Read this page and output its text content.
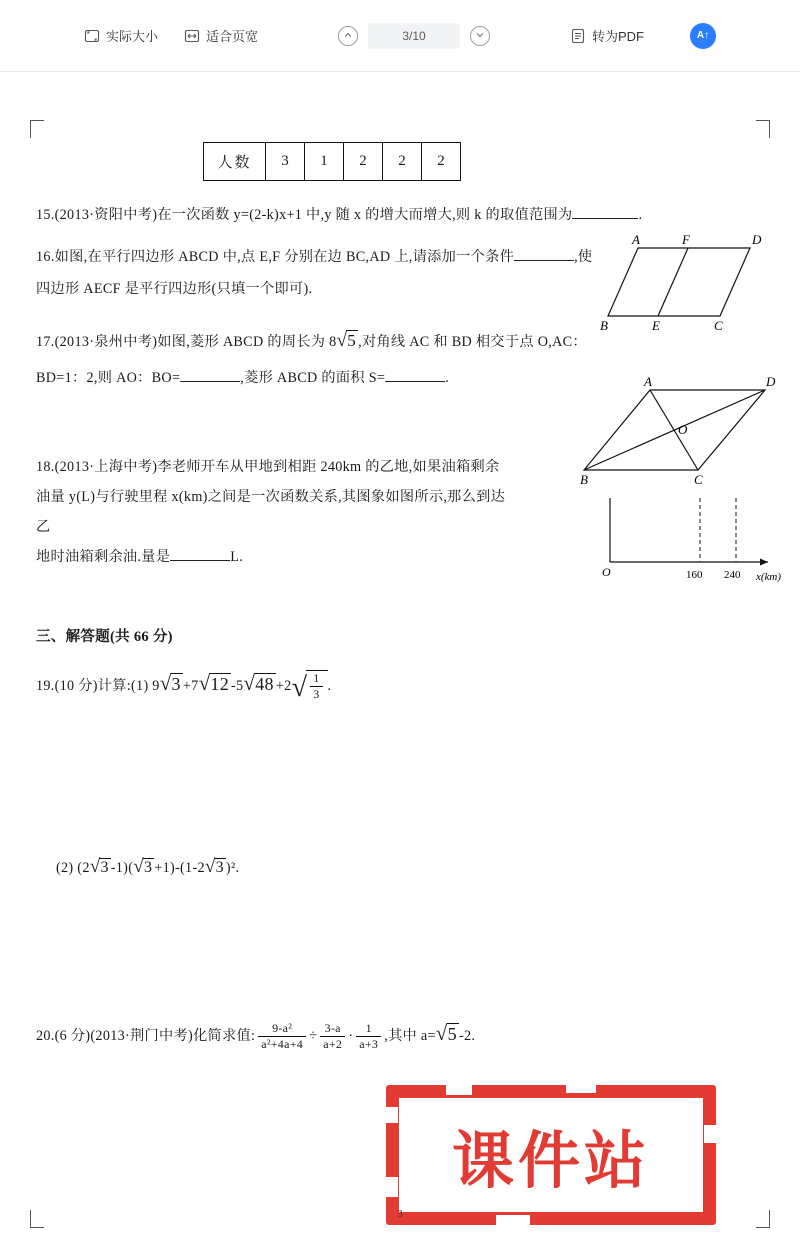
实际大小	适合页宽	3/10	转为PDF	A↑
人数	3	1	2	2	2
15.(2013·资阳中考)在一次函数 y=(2-k)x+1 中,y 随 x 的增大而增大,则 k 的取值范围为	.
16.如图,在平行四边形 ABCD 中,点 E,F 分别在边 BC,AD 上,请添加一个条件	,使
四边形 AECF 是平行四边形(只填一个即可).
A	F	D
B	E	C
17.(2013·泉州中考)如图,菱形 ABCD 的周长为 8√5 ,对角线 AC 和 BD 相交于点 O,AC：
BD=1：2,则 AO：BO=	,菱形 ABCD 的面积 S=	.	A	D
O
B	C
18.(2013·上海中考)李老师开车从甲地到相距 240km 的乙地,如果油箱剩余
油量 y(L)与行驶里程 x(km)之间是一次函数关系,其图象如图所示,那么到达
乙
地时油箱剩余油.量是	L.
O	160 240 x(km)
三、解答题(共 66 分)
19.(10 分)计算:(1) 9√3 +7√12 $-5√48 +2√ \frac{1}{3}$ .
(2) (2√3 -1)(√3 +1)-(1-2√3 )².
20.(6 分)(2013·荆门中考)化简求值: $\frac{\text{9-a²}}{\text{a²+4a+4}} \div \frac{3-a}{a+2} \cdot \frac{1}{a+3}$ ,其中 a=√5 -2.
课件站
3
